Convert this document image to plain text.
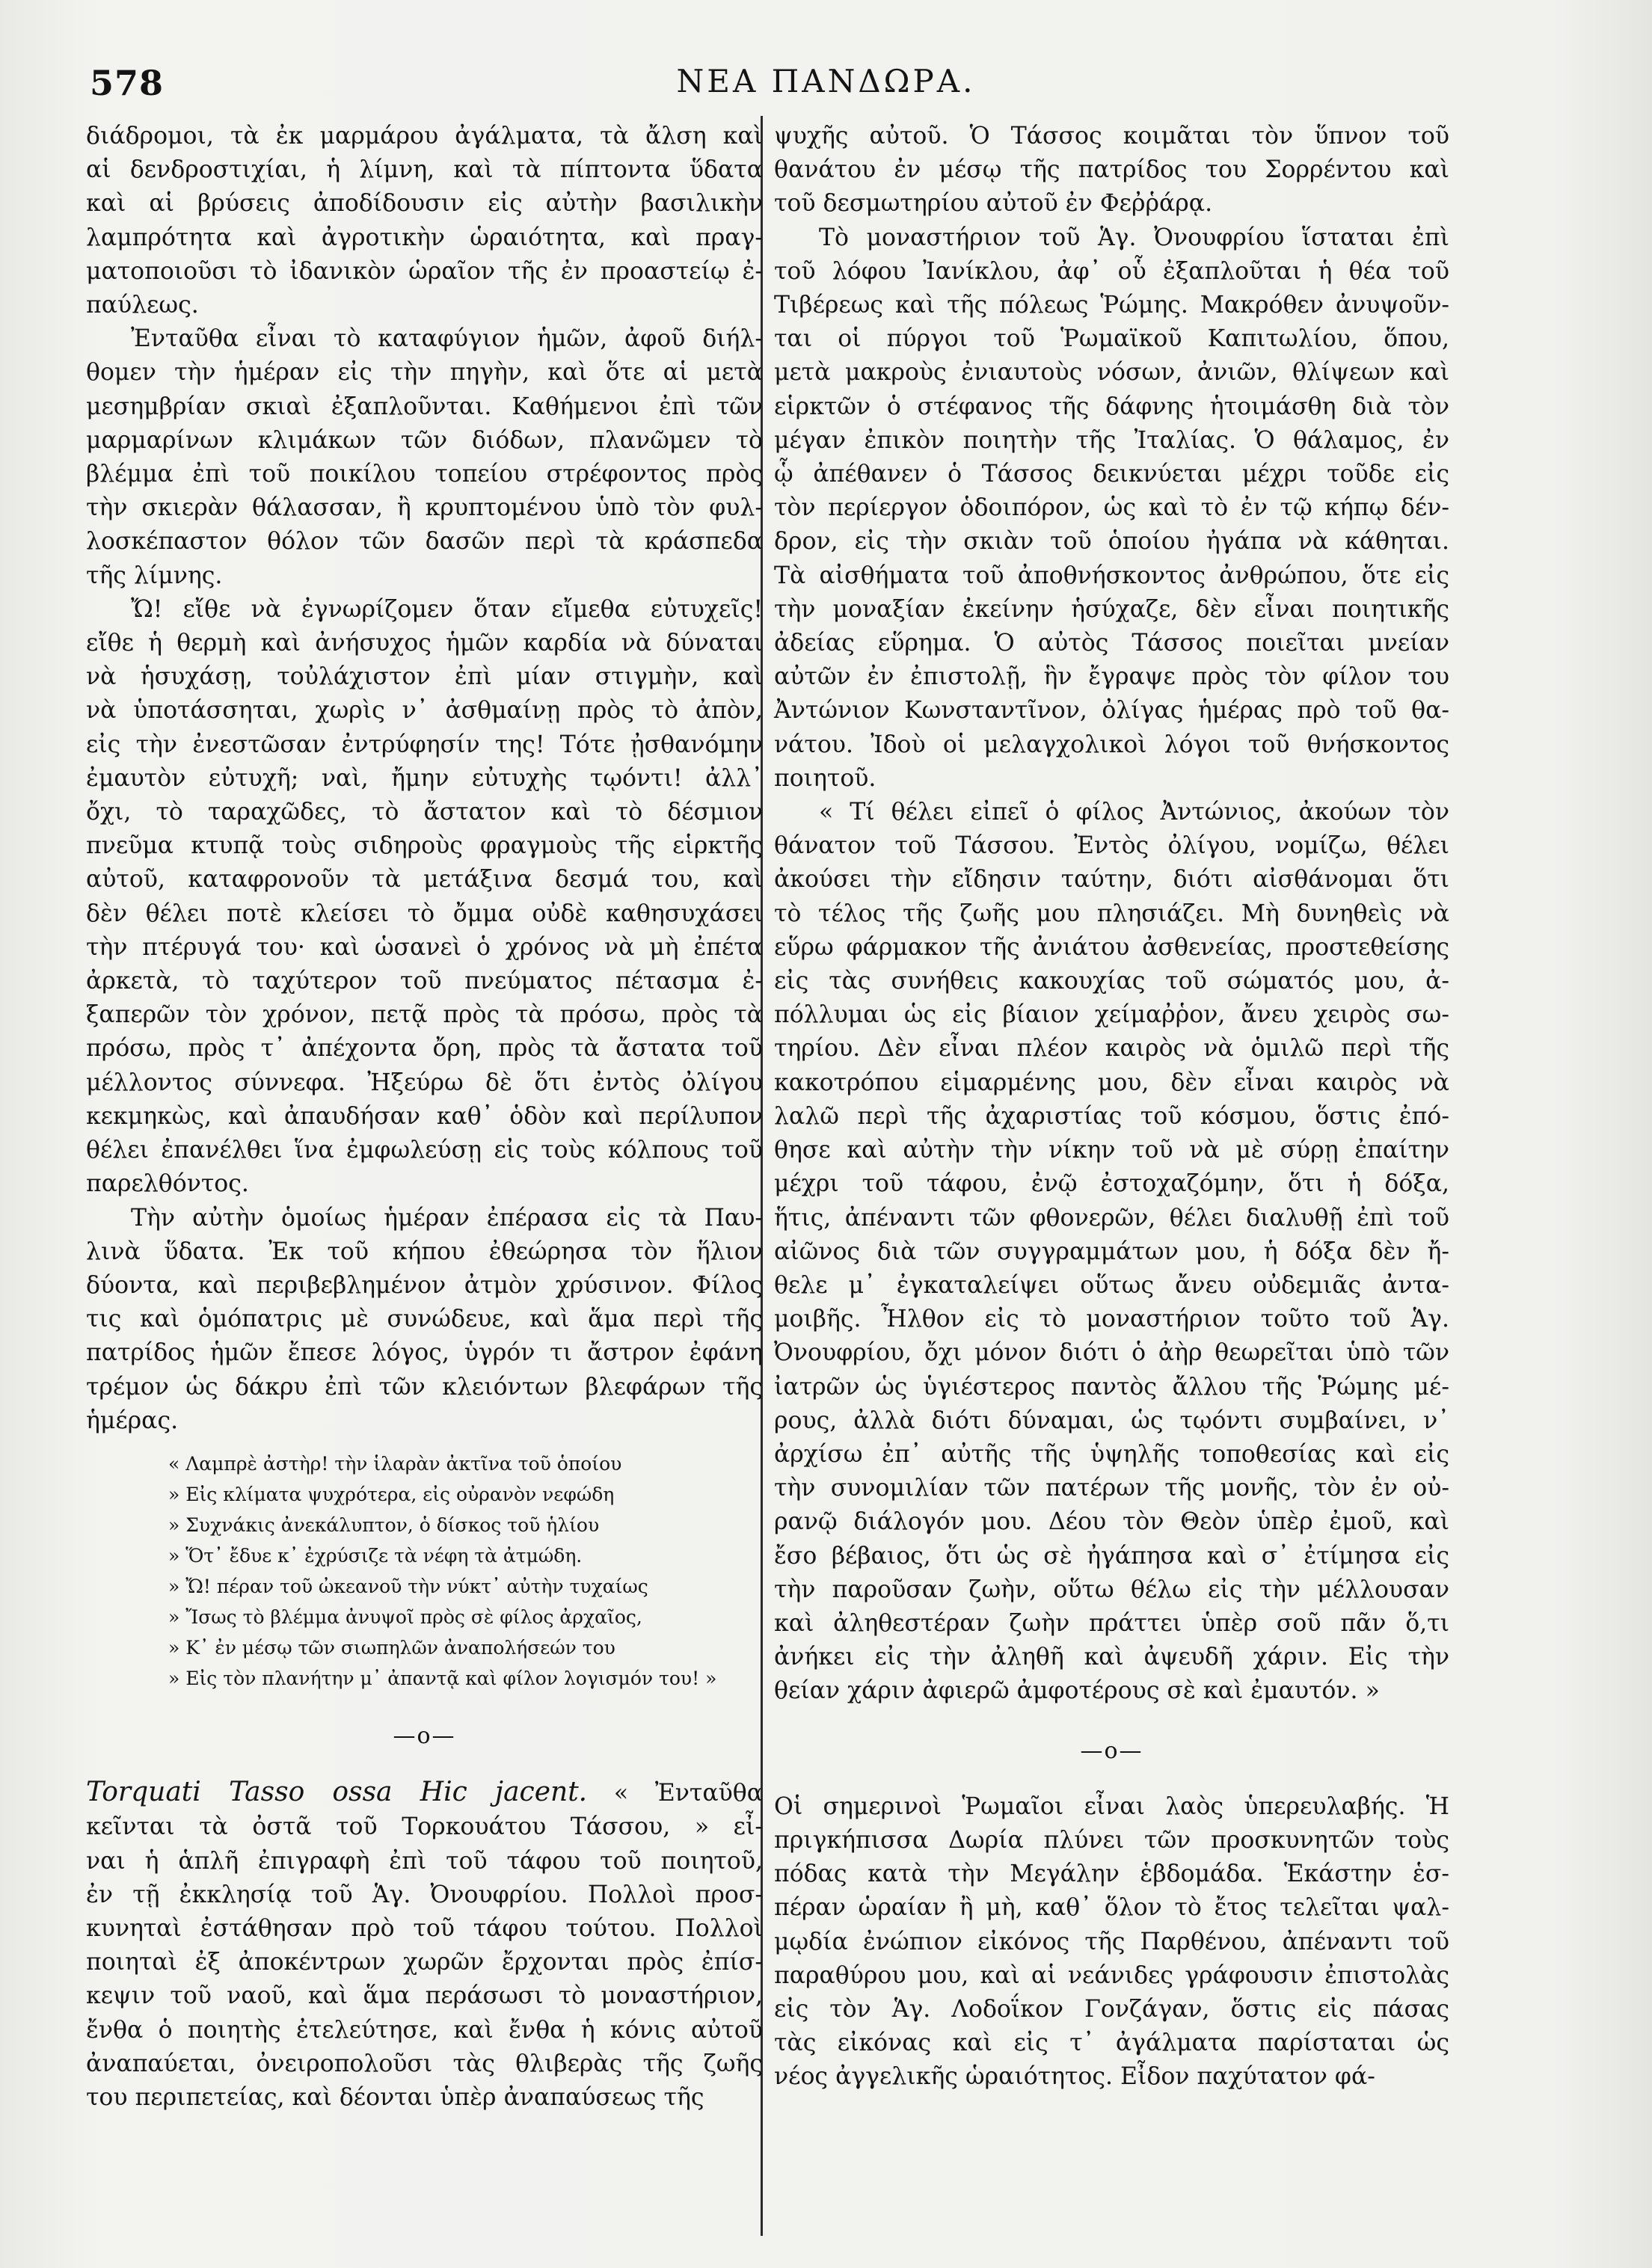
578	ΝΕΑ ΠΑΝΔΩΡΑ.
διάδρομοι, τὰ ἐκ μαρμάρου ἀγάλματα, τὰ ἄλση καὶ
αἱ δενδροστιχίαι, ἡ λίμνη, καὶ τὰ πίπτοντα ὕδατα
καὶ αἱ βρύσεις ἀποδίδουσιν εἰς αὐτὴν βασιλικὴν
λαμπρότητα καὶ ἀγροτικὴν ὡραιότητα, καὶ πραγ-
ματοποιοῦσι τὸ ἰδανικὸν ὡραῖον τῆς ἐν προαστείῳ ἐ-
παύλεως.
Ἐνταῦθα εἶναι τὸ καταφύγιον ἡμῶν, ἀφοῦ διήλ-
θομεν τὴν ἡμέραν εἰς τὴν πηγὴν, καὶ ὅτε αἱ μετὰ
μεσημβρίαν σκιαὶ ἐξαπλοῦνται. Καθήμενοι ἐπὶ τῶν
μαρμαρίνων κλιμάκων τῶν διόδων, πλανῶμεν τὸ
βλέμμα ἐπὶ τοῦ ποικίλου τοπείου στρέφοντος πρὸς
τὴν σκιερὰν θάλασσαν, ἢ κρυπτομένου ὑπὸ τὸν φυλ-
λοσκέπαστον θόλον τῶν δασῶν περὶ τὰ κράσπεδα
τῆς λίμνης.
Ὤ! εἴθε νὰ ἐγνωρίζομεν ὅταν εἴμεθα εὐτυχεῖς!
εἴθε ἡ θερμὴ καὶ ἀνήσυχος ἡμῶν καρδία νὰ δύναται
νὰ ἡσυχάσῃ, τοὐλάχιστον ἐπὶ μίαν στιγμὴν, καὶ
νὰ ὑποτάσσηται, χωρὶς ν᾽ ἀσθμαίνῃ πρὸς τὸ ἀπὸν,
εἰς τὴν ἐνεστῶσαν ἐντρύφησίν της! Τότε ᾐσθανόμην
ἐμαυτὸν εὐτυχῆ; ναὶ, ἤμην εὐτυχὴς τῳόντι! ἀλλ᾽
ὄχι, τὸ ταραχῶδες, τὸ ἄστατον καὶ τὸ δέσμιον
πνεῦμα κτυπᾷ τοὺς σιδηροὺς φραγμοὺς τῆς εἱρκτῆς
αὐτοῦ, καταφρονοῦν τὰ μετάξινα δεσμά του, καὶ
δὲν θέλει ποτὲ κλείσει τὸ ὄμμα οὐδὲ καθησυχάσει
τὴν πτέρυγά του· καὶ ὡσανεὶ ὁ χρόνος νὰ μὴ ἐπέτα
ἀρκετὰ, τὸ ταχύτερον τοῦ πνεύματος πέτασμα ἐ-
ξαπερῶν τὸν χρόνον, πετᾷ πρὸς τὰ πρόσω, πρὸς τὰ
πρόσω, πρὸς τ᾽ ἀπέχοντα ὄρη, πρὸς τὰ ἄστατα τοῦ
μέλλοντος σύννεφα. Ἠξεύρω δὲ ὅτι ἐντὸς ὀλίγου
κεκμηκὼς, καὶ ἀπαυδήσαν καθ᾽ ὁδὸν καὶ περίλυπον
θέλει ἐπανέλθει ἵνα ἐμφωλεύσῃ εἰς τοὺς κόλπους τοῦ
παρελθόντος.
Τὴν αὐτὴν ὁμοίως ἡμέραν ἐπέρασα εἰς τὰ Παυ-
λινὰ ὕδατα. Ἐκ τοῦ κήπου ἐθεώρησα τὸν ἥλιον
δύοντα, καὶ περιβεβλημένον ἀτμὸν χρύσινον. Φίλος
τις καὶ ὁμόπατρις μὲ συνώδευε, καὶ ἅμα περὶ τῆς
πατρίδος ἡμῶν ἔπεσε λόγος, ὑγρόν τι ἄστρον ἐφάνη
τρέμον ὡς δάκρυ ἐπὶ τῶν κλειόντων βλεφάρων τῆς
ἡμέρας.
« Λαμπρὲ ἀστὴρ! τὴν ἱλαρὰν ἀκτῖνα τοῦ ὁποίου
» Εἰς κλίματα ψυχρότερα, εἰς οὐρανὸν νεφώδη
» Συχνάκις ἀνεκάλυπτον, ὁ δίσκος τοῦ ἡλίου
» Ὅτ᾽ ἔδυε κ᾽ ἐχρύσιζε τὰ νέφη τὰ ἀτμώδη.
» Ὤ! πέραν τοῦ ὠκεανοῦ τὴν νύκτ᾽ αὐτὴν τυχαίως
» Ἴσως τὸ βλέμμα ἀνυψοῖ πρὸς σὲ φίλος ἀρχαῖος,
» Κ᾽ ἐν μέσῳ τῶν σιωπηλῶν ἀναπολήσεών του
» Εἰς τὸν πλανήτην μ᾽ ἀπαντᾷ καὶ φίλον λογισμόν του! »
—o—
Torquati Tasso ossa Hic jacent. « Ἐνταῦθα
κεῖνται τὰ ὀστᾶ τοῦ Τορκουάτου Τάσσου, » εἶ-
ναι ἡ ἁπλῆ ἐπιγραφὴ ἐπὶ τοῦ τάφου τοῦ ποιητοῦ,
ἐν τῇ ἐκκλησίᾳ τοῦ Ἁγ. Ὀνουφρίου. Πολλοὶ προσ-
κυνηταὶ ἐστάθησαν πρὸ τοῦ τάφου τούτου. Πολλοὶ
ποιηταὶ ἐξ ἀποκέντρων χωρῶν ἔρχονται πρὸς ἐπίσ-
κεψιν τοῦ ναοῦ, καὶ ἅμα περάσωσι τὸ μοναστήριον,
ἔνθα ὁ ποιητὴς ἐτελεύτησε, καὶ ἔνθα ἡ κόνις αὐτοῦ
ἀναπαύεται, ὀνειροπολοῦσι τὰς θλιβερὰς τῆς ζωῆς
του περιπετείας, καὶ δέονται ὑπὲρ ἀναπαύσεως τῆς
ψυχῆς αὐτοῦ. Ὁ Τάσσος κοιμᾶται τὸν ὕπνον τοῦ
θανάτου ἐν μέσῳ τῆς πατρίδος του Σορρέντου καὶ
τοῦ δεσμωτηρίου αὐτοῦ ἐν Φεῤῥάρᾳ.
Τὸ μοναστήριον τοῦ Ἁγ. Ὀνουφρίου ἵσταται ἐπὶ
τοῦ λόφου Ἰανίκλου, ἀφ᾽ οὗ ἐξαπλοῦται ἡ θέα τοῦ
Τιβέρεως καὶ τῆς πόλεως Ῥώμης. Μακρόθεν ἀνυψοῦν-
ται οἱ πύργοι τοῦ Ῥωμαϊκοῦ Καπιτωλίου, ὅπου,
μετὰ μακροὺς ἐνιαυτοὺς νόσων, ἀνιῶν, θλίψεων καὶ
εἱρκτῶν ὁ στέφανος τῆς δάφνης ἡτοιμάσθη διὰ τὸν
μέγαν ἐπικὸν ποιητὴν τῆς Ἰταλίας. Ὁ θάλαμος, ἐν
ᾧ ἀπέθανεν ὁ Τάσσος δεικνύεται μέχρι τοῦδε εἰς
τὸν περίεργον ὁδοιπόρον, ὡς καὶ τὸ ἐν τῷ κήπῳ δέν-
δρον, εἰς τὴν σκιὰν τοῦ ὁποίου ἠγάπα νὰ κάθηται.
Τὰ αἰσθήματα τοῦ ἀποθνήσκοντος ἀνθρώπου, ὅτε εἰς
τὴν μοναξίαν ἐκείνην ἡσύχαζε, δὲν εἶναι ποιητικῆς
ἀδείας εὕρημα. Ὁ αὐτὸς Τάσσος ποιεῖται μνείαν
αὐτῶν ἐν ἐπιστολῇ, ἣν ἔγραψε πρὸς τὸν φίλον του
Ἀντώνιον Κωνσταντῖνον, ὀλίγας ἡμέρας πρὸ τοῦ θα-
νάτου. Ἰδοὺ οἱ μελαγχολικοὶ λόγοι τοῦ θνήσκοντος
ποιητοῦ.
« Τί θέλει εἰπεῖ ὁ φίλος Ἀντώνιος, ἀκούων τὸν
θάνατον τοῦ Τάσσου. Ἐντὸς ὀλίγου, νομίζω, θέλει
ἀκούσει τὴν εἴδησιν ταύτην, διότι αἰσθάνομαι ὅτι
τὸ τέλος τῆς ζωῆς μου πλησιάζει. Μὴ δυνηθεὶς νὰ
εὕρω φάρμακον τῆς ἀνιάτου ἀσθενείας, προστεθείσης
εἰς τὰς συνήθεις κακουχίας τοῦ σώματός μου, ἀ-
πόλλυμαι ὡς εἰς βίαιον χείμαῤῥον, ἄνευ χειρὸς σω-
τηρίου. Δὲν εἶναι πλέον καιρὸς νὰ ὁμιλῶ περὶ τῆς
κακοτρόπου εἱμαρμένης μου, δὲν εἶναι καιρὸς νὰ
λαλῶ περὶ τῆς ἀχαριστίας τοῦ κόσμου, ὅστις ἐπό-
θησε καὶ αὐτὴν τὴν νίκην τοῦ νὰ μὲ σύρῃ ἐπαίτην
μέχρι τοῦ τάφου, ἐνῷ ἐστοχαζόμην, ὅτι ἡ δόξα,
ἥτις, ἀπέναντι τῶν φθονερῶν, θέλει διαλυθῇ ἐπὶ τοῦ
αἰῶνος διὰ τῶν συγγραμμάτων μου, ἡ δόξα δὲν ἤ-
θελε μ᾽ ἐγκαταλείψει οὕτως ἄνευ οὐδεμιᾶς ἀντα-
μοιβῆς. Ἦλθον εἰς τὸ μοναστήριον τοῦτο τοῦ Ἁγ.
Ὀνουφρίου, ὄχι μόνον διότι ὁ ἀὴρ θεωρεῖται ὑπὸ τῶν
ἰατρῶν ὡς ὑγιέστερος παντὸς ἄλλου τῆς Ῥώμης μέ-
ρους, ἀλλὰ διότι δύναμαι, ὡς τῳόντι συμβαίνει, ν᾽
ἀρχίσω ἐπ᾽ αὐτῆς τῆς ὑψηλῆς τοποθεσίας καὶ εἰς
τὴν συνομιλίαν τῶν πατέρων τῆς μονῆς, τὸν ἐν οὐ-
ρανῷ διάλογόν μου. Δέου τὸν Θεὸν ὑπὲρ ἐμοῦ, καὶ
ἔσο βέβαιος, ὅτι ὡς σὲ ἠγάπησα καὶ σ᾽ ἐτίμησα εἰς
τὴν παροῦσαν ζωὴν, οὕτω θέλω εἰς τὴν μέλλουσαν
καὶ ἀληθεστέραν ζωὴν πράττει ὑπὲρ σοῦ πᾶν ὅ,τι
ἀνήκει εἰς τὴν ἀληθῆ καὶ ἀψευδῆ χάριν. Εἰς τὴν
θείαν χάριν ἀφιερῶ ἀμφοτέρους σὲ καὶ ἐμαυτόν. »
—o—
Οἱ σημερινοὶ Ῥωμαῖοι εἶναι λαὸς ὑπερευλαβής. Ἡ
πριγκήπισσα Δωρία πλύνει τῶν προσκυνητῶν τοὺς
πόδας κατὰ τὴν Μεγάλην ἑβδομάδα. Ἑκάστην ἑσ-
πέραν ὡραίαν ἢ μὴ, καθ᾽ ὅλον τὸ ἔτος τελεῖται ψαλ-
μῳδία ἐνώπιον εἰκόνος τῆς Παρθένου, ἀπέναντι τοῦ
παραθύρου μου, καὶ αἱ νεάνιδες γράφουσιν ἐπιστολὰς
εἰς τὸν Ἁγ. Λοδοΐκον Γονζάγαν, ὅστις εἰς πάσας
τὰς εἰκόνας καὶ εἰς τ᾽ ἀγάλματα παρίσταται ὡς
νέος ἀγγελικῆς ὡραιότητος. Εἶδον παχύτατον φά-
